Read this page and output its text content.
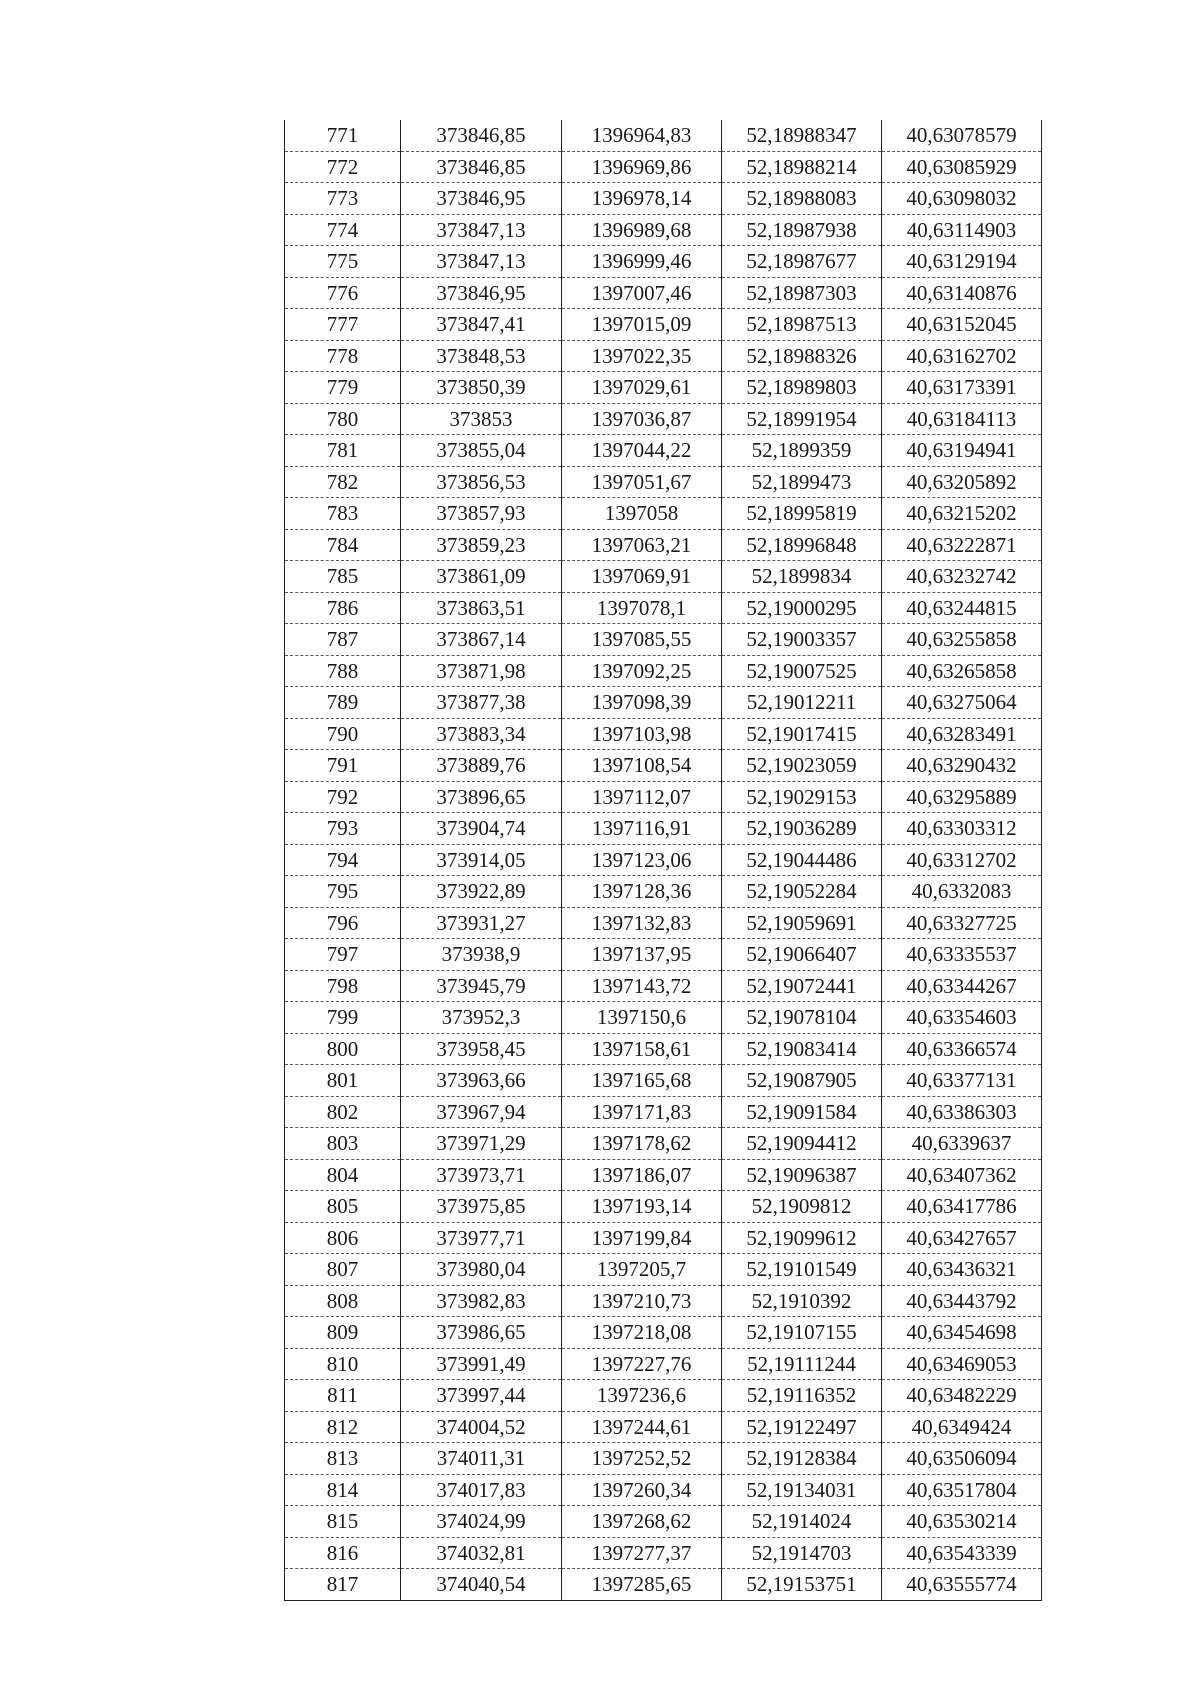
771	373846,85	1396964,83	52,18988347	40,63078579
772	373846,85	1396969,86	52,18988214	40,63085929
773	373846,95	1396978,14	52,18988083	40,63098032
774	373847,13	1396989,68	52,18987938	40,63114903
775	373847,13	1396999,46	52,18987677	40,63129194
776	373846,95	1397007,46	52,18987303	40,63140876
777	373847,41	1397015,09	52,18987513	40,63152045
778	373848,53	1397022,35	52,18988326	40,63162702
779	373850,39	1397029,61	52,18989803	40,63173391
780	373853	1397036,87	52,18991954	40,63184113
781	373855,04	1397044,22	52,1899359	40,63194941
782	373856,53	1397051,67	52,1899473	40,63205892
783	373857,93	1397058	52,18995819	40,63215202
784	373859,23	1397063,21	52,18996848	40,63222871
785	373861,09	1397069,91	52,1899834	40,63232742
786	373863,51	1397078,1	52,19000295	40,63244815
787	373867,14	1397085,55	52,19003357	40,63255858
788	373871,98	1397092,25	52,19007525	40,63265858
789	373877,38	1397098,39	52,19012211	40,63275064
790	373883,34	1397103,98	52,19017415	40,63283491
791	373889,76	1397108,54	52,19023059	40,63290432
792	373896,65	1397112,07	52,19029153	40,63295889
793	373904,74	1397116,91	52,19036289	40,63303312
794	373914,05	1397123,06	52,19044486	40,63312702
795	373922,89	1397128,36	52,19052284	40,6332083
796	373931,27	1397132,83	52,19059691	40,63327725
797	373938,9	1397137,95	52,19066407	40,63335537
798	373945,79	1397143,72	52,19072441	40,63344267
799	373952,3	1397150,6	52,19078104	40,63354603
800	373958,45	1397158,61	52,19083414	40,63366574
801	373963,66	1397165,68	52,19087905	40,63377131
802	373967,94	1397171,83	52,19091584	40,63386303
803	373971,29	1397178,62	52,19094412	40,6339637
804	373973,71	1397186,07	52,19096387	40,63407362
805	373975,85	1397193,14	52,1909812	40,63417786
806	373977,71	1397199,84	52,19099612	40,63427657
807	373980,04	1397205,7	52,19101549	40,63436321
808	373982,83	1397210,73	52,1910392	40,63443792
809	373986,65	1397218,08	52,19107155	40,63454698
810	373991,49	1397227,76	52,19111244	40,63469053
811	373997,44	1397236,6	52,19116352	40,63482229
812	374004,52	1397244,61	52,19122497	40,6349424
813	374011,31	1397252,52	52,19128384	40,63506094
814	374017,83	1397260,34	52,19134031	40,63517804
815	374024,99	1397268,62	52,1914024	40,63530214
816	374032,81	1397277,37	52,1914703	40,63543339
817	374040,54	1397285,65	52,19153751	40,63555774
